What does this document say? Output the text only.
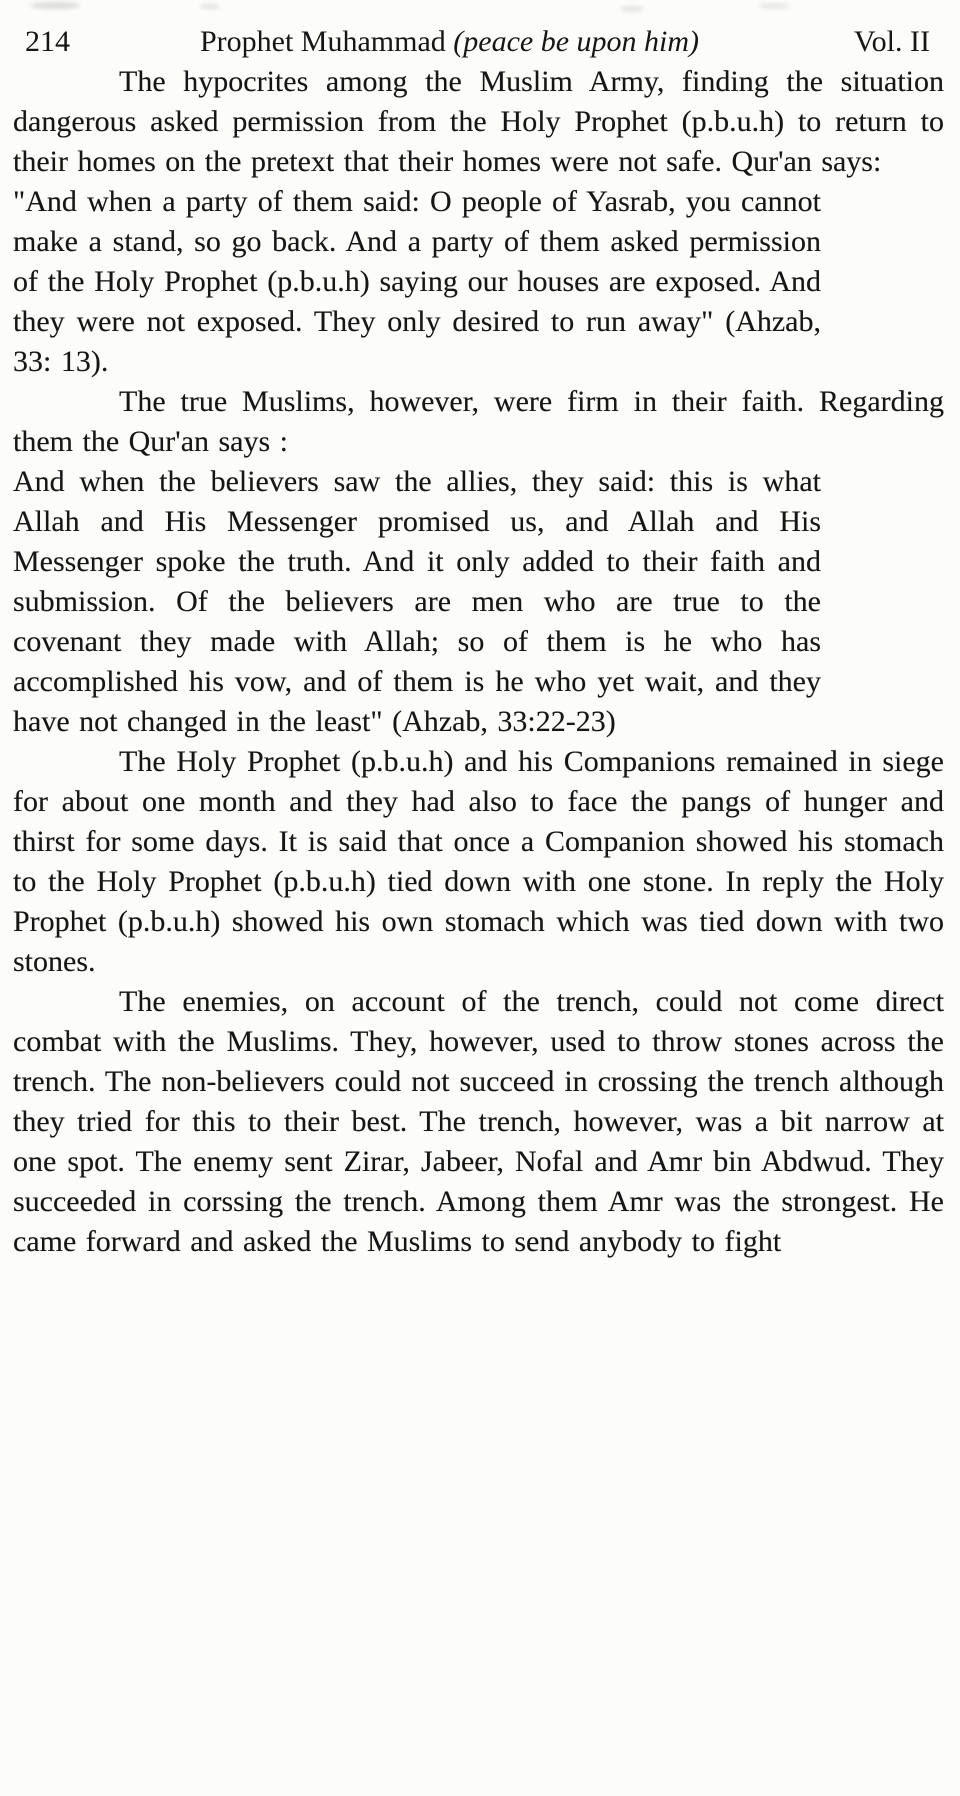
214	Prophet Muhammad (peace be upon him)	Vol. II

The hypocrites among the Muslim Army, finding the situation dangerous asked permission from the Holy Prophet (p.b.u.h) to return to their homes on the pretext that their homes were not safe. Qur'an says:

"And when a party of them said: O people of Yasrab, you cannot make a stand, so go back. And a party of them asked permission of the Holy Prophet (p.b.u.h) saying our houses are exposed. And they were not exposed. They only desired to run away" (Ahzab, 33: 13).

The true Muslims, however, were firm in their faith. Regarding them the Qur'an says :

And when the believers saw the allies, they said: this is what Allah and His Messenger promised us, and Allah and His Messenger spoke the truth. And it only added to their faith and submission. Of the believers are men who are true to the covenant they made with Allah; so of them is he who has accomplished his vow, and of them is he who yet wait, and they have not changed in the least" (Ahzab, 33:22-23)

The Holy Prophet (p.b.u.h) and his Companions remained in siege for about one month and they had also to face the pangs of hunger and thirst for some days. It is said that once a Companion showed his stomach to the Holy Prophet (p.b.u.h) tied down with one stone. In reply the Holy Prophet (p.b.u.h) showed his own stomach which was tied down with two stones.

The enemies, on account of the trench, could not come direct combat with the Muslims. They, however, used to throw stones across the trench. The non-believers could not succeed in crossing the trench although they tried for this to their best. The trench, however, was a bit narrow at one spot. The enemy sent Zirar, Jabeer, Nofal and Amr bin Abdwud. They succeeded in corssing the trench. Among them Amr was the strongest. He came forward and asked the Muslims to send anybody to fight
